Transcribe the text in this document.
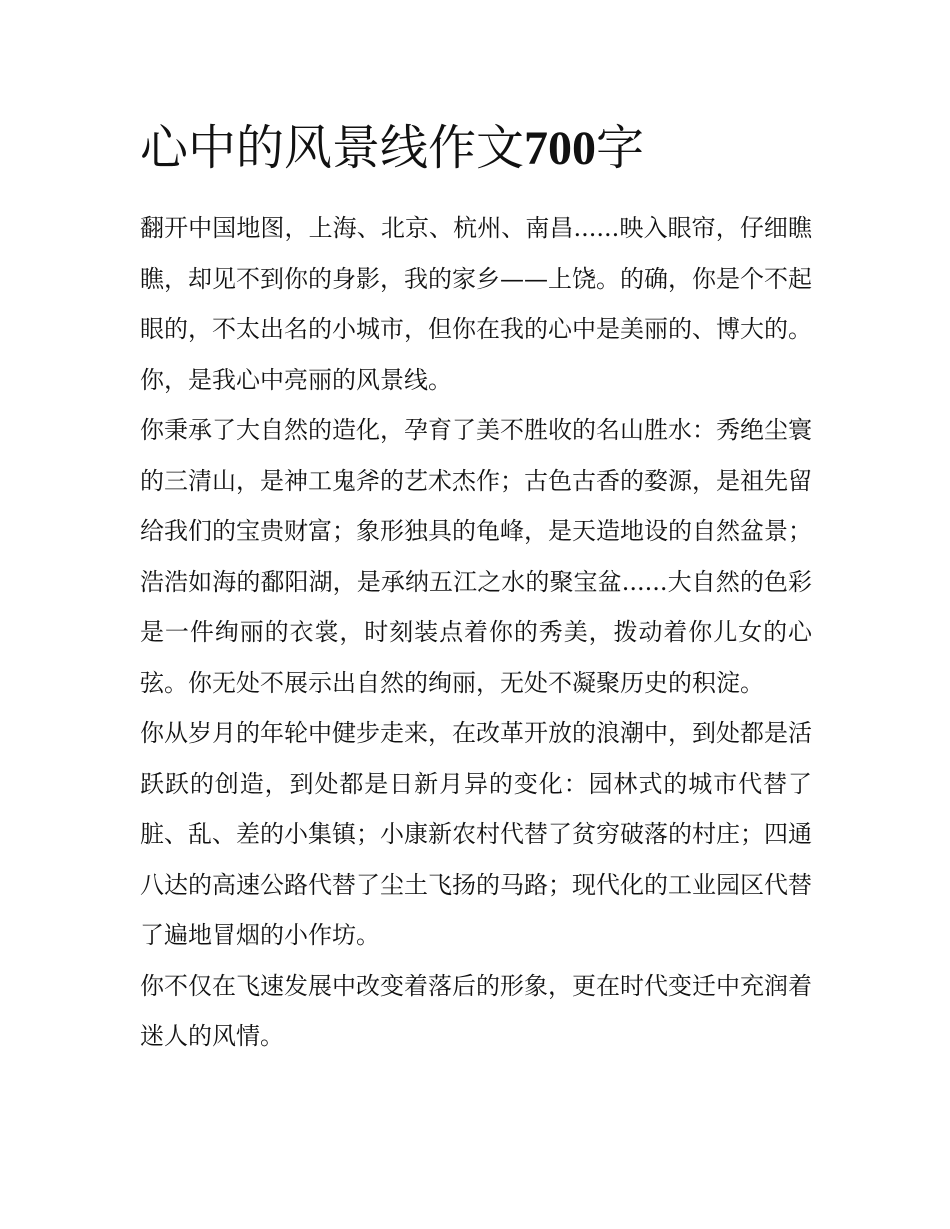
心中的风景线作文700字

翻开中国地图，上海、北京、杭州、南昌......映入眼帘，仔细瞧瞧，却见不到你的身影，我的家乡——上饶。的确，你是个不起眼的，不太出名的小城市，但你在我的心中是美丽的、博大的。你，是我心中亮丽的风景线。

你秉承了大自然的造化，孕育了美不胜收的名山胜水：秀绝尘寰的三清山，是神工鬼斧的艺术杰作；古色古香的婺源，是祖先留给我们的宝贵财富；象形独具的龟峰，是天造地设的自然盆景；浩浩如海的鄱阳湖，是承纳五江之水的聚宝盆......大自然的色彩是一件绚丽的衣裳，时刻装点着你的秀美，拨动着你儿女的心弦。你无处不展示出自然的绚丽，无处不凝聚历史的积淀。

你从岁月的年轮中健步走来，在改革开放的浪潮中，到处都是活跃跃的创造，到处都是日新月异的变化：园林式的城市代替了脏、乱、差的小集镇；小康新农村代替了贫穷破落的村庄；四通八达的高速公路代替了尘土飞扬的马路；现代化的工业园区代替了遍地冒烟的小作坊。

你不仅在飞速发展中改变着落后的形象，更在时代变迁中充润着迷人的风情。
